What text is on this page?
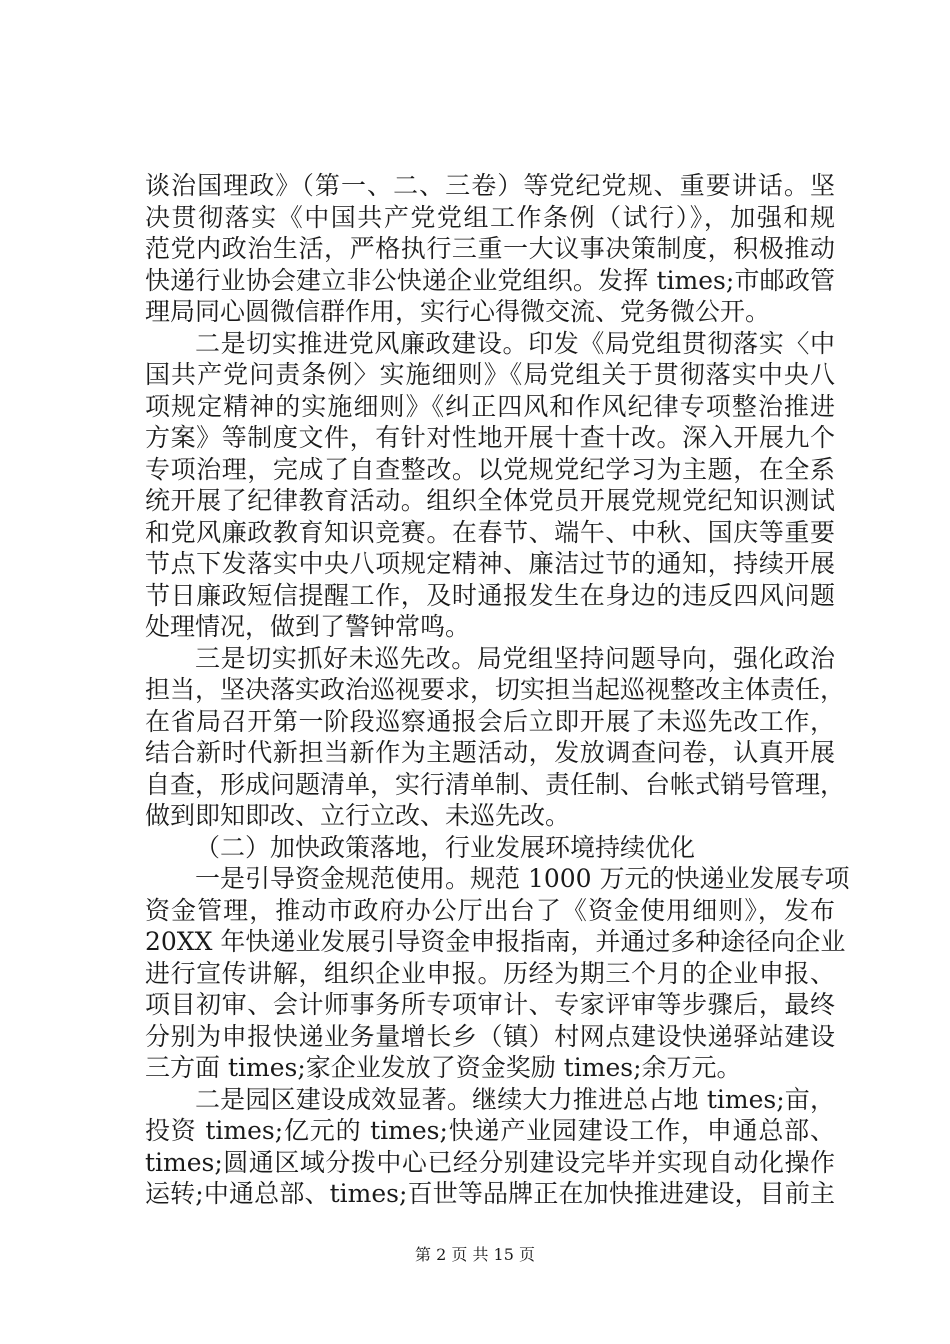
谈治国理政》（第一、二、三卷）等党纪党规、重要讲话。坚
决贯彻落实《中国共产党党组工作条例（试行）》，加强和规
范党内政治生活，严格执行三重一大议事决策制度，积极推动
快递行业协会建立非公快递企业党组织。发挥 times;市邮政管
理局同心圆微信群作用，实行心得微交流、党务微公开。
二是切实推进党风廉政建设。印发《局党组贯彻落实〈中
国共产党问责条例〉实施细则》《局党组关于贯彻落实中央八
项规定精神的实施细则》《纠正四风和作风纪律专项整治推进
方案》等制度文件，有针对性地开展十查十改。深入开展九个
专项治理，完成了自查整改。以党规党纪学习为主题，在全系
统开展了纪律教育活动。组织全体党员开展党规党纪知识测试
和党风廉政教育知识竞赛。在春节、端午、中秋、国庆等重要
节点下发落实中央八项规定精神、廉洁过节的通知，持续开展
节日廉政短信提醒工作，及时通报发生在身边的违反四风问题
处理情况，做到了警钟常鸣。
三是切实抓好未巡先改。局党组坚持问题导向，强化政治
担当，坚决落实政治巡视要求，切实担当起巡视整改主体责任，
在省局召开第一阶段巡察通报会后立即开展了未巡先改工作，
结合新时代新担当新作为主题活动，发放调查问卷，认真开展
自查，形成问题清单，实行清单制、责任制、台帐式销号管理，
做到即知即改、立行立改、未巡先改。
（二）加快政策落地，行业发展环境持续优化
一是引导资金规范使用。规范 1000 万元的快递业发展专项
资金管理，推动市政府办公厅出台了《资金使用细则》，发布
20XX 年快递业发展引导资金申报指南，并通过多种途径向企业
进行宣传讲解，组织企业申报。历经为期三个月的企业申报、
项目初审、会计师事务所专项审计、专家评审等步骤后，最终
分别为申报快递业务量增长乡（镇）村网点建设快递驿站建设
三方面 times;家企业发放了资金奖励 times;余万元。
二是园区建设成效显著。继续大力推进总占地 times;亩，
投资 times;亿元的 times;快递产业园建设工作，申通总部、
times;圆通区域分拨中心已经分别建设完毕并实现自动化操作
运转;中通总部、times;百世等品牌正在加快推进建设，目前主
第 2 页 共 15 页
